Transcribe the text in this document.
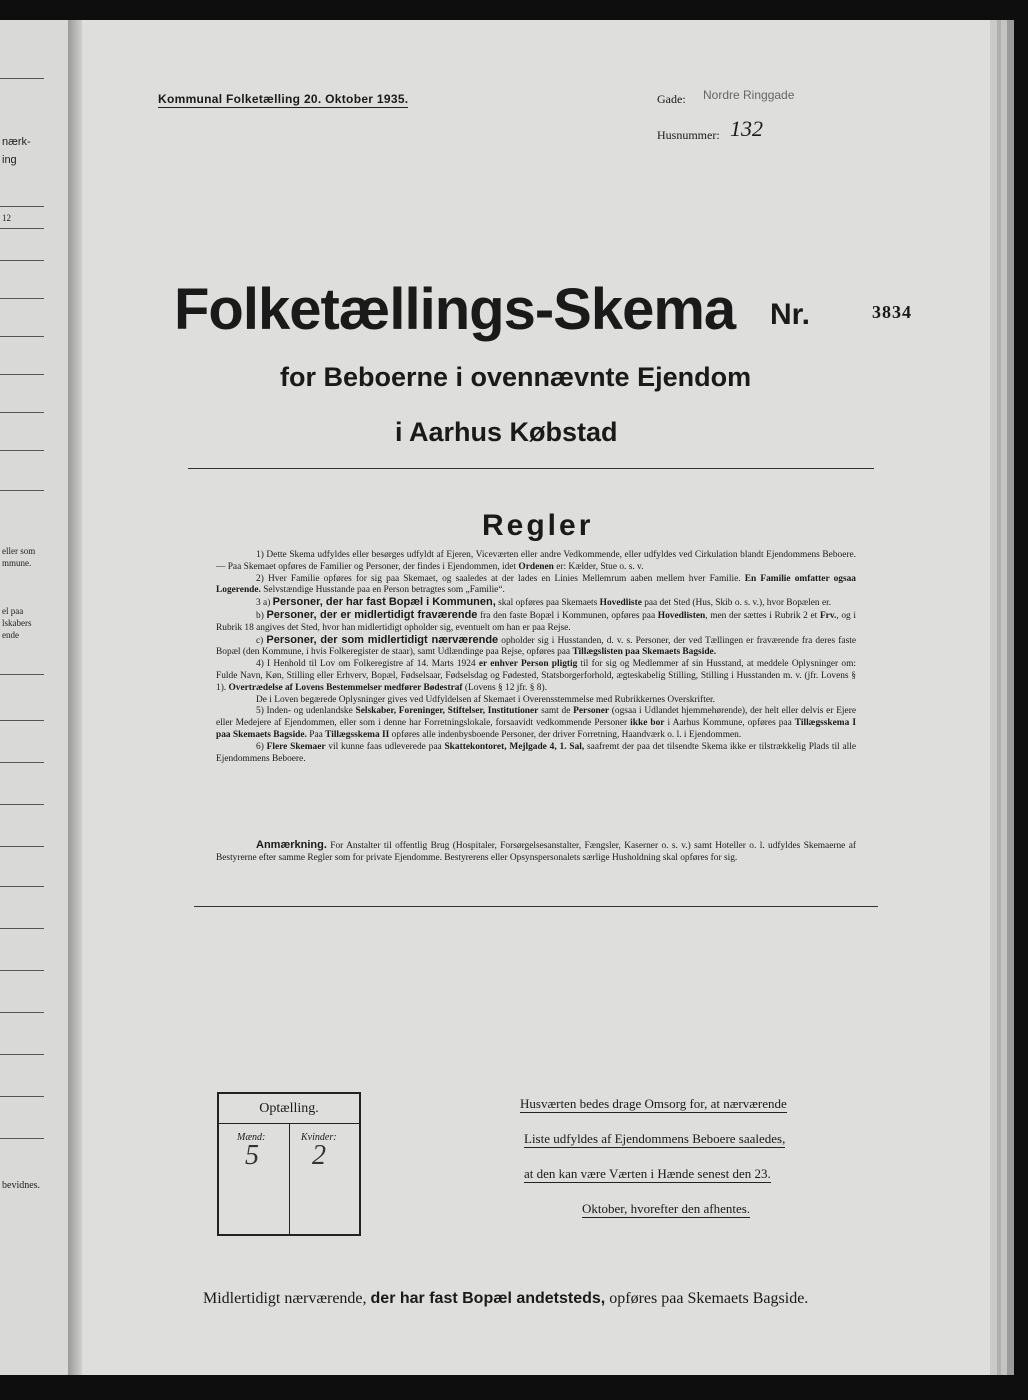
nærk-
ing
12
eller som
mmune.
el paa
lskabers
ende
bevidnes.
Kommunal Folketælling 20. Oktober 1935.	Gade: Nordre Ringgade
Husnummer: 132
Folketællings-Skema Nr.	3834
for Beboerne i ovennævnte Ejendom
i Aarhus Købstad
Regler

1) Dette Skema udfyldes eller besørges udfyldt af Ejeren, Viceværten eller andre Vedkommende, eller udfyldes ved Cirkulation blandt Ejendommens Beboere. — Paa Skemaet opføres de Familier og Personer, der findes i Ejendommen, idet Ordenen er: Kælder, Stue o. s. v.

2) Hver Familie opføres for sig paa Skemaet, og saaledes at der lades en Linies Mellemrum aaben mellem hver Familie. En Familie omfatter ogsaa Logerende. Selvstændige Husstande paa en Person betragtes som „Familie“.

3 a) Personer, der har fast Bopæl i Kommunen, skal opføres paa Skemaets Hovedliste paa det Sted (Hus, Skib o. s. v.), hvor Bopælen er.

b) Personer, der er midlertidigt fraværende fra den faste Bopæl i Kommunen, opføres paa Hovedlisten, men der sættes i Rubrik 2 et Frv., og i Rubrik 18 angives det Sted, hvor han midlertidigt opholder sig, eventuelt om han er paa Rejse.

c) Personer, der som midlertidigt nærværende opholder sig i Husstanden, d. v. s. Personer, der ved Tællingen er fraværende fra deres faste Bopæl (den Kommune, i hvis Folkeregister de staar), samt Udlændinge paa Rejse, opføres paa Tillægslisten paa Skemaets Bagside.

4) I Henhold til Lov om Folkeregistre af 14. Marts 1924 er enhver Person pligtig til for sig og Medlemmer af sin Husstand, at meddele Oplysninger om: Fulde Navn, Køn, Stilling eller Erhverv, Bopæl, Fødselsaar, Fødselsdag og Fødested, Statsborgerforhold, ægteskabelig Stilling, Stilling i Husstanden m. v. (jfr. Lovens § 1). Overtrædelse af Lovens Bestemmelser medfører Bødestraf (Lovens § 12 jfr. § 8).

De i Loven begærede Oplysninger gives ved Udfyldelsen af Skemaet i Overensstemmelse med Rubrikkernes Overskrifter.

5) Inden- og udenlandske Selskaber, Foreninger, Stiftelser, Institutioner samt de Personer (ogsaa i Udlandet hjemmehørende), der helt eller delvis er Ejere eller Medejere af Ejendommen, eller som i denne har Forretningslokale, forsaavidt vedkommende Personer ikke bor i Aarhus Kommune, opføres paa Tillægsskema I paa Skemaets Bagside. Paa Tillægsskema II opføres alle indenbysboende Personer, der driver Forretning, Haandværk o. l. i Ejendommen.

6) Flere Skemaer vil kunne faas udleverede paa Skattekontoret, Mejlgade 4, 1. Sal, saafremt der paa det tilsendte Skema ikke er tilstrækkelig Plads til alle Ejendommens Beboere.

Anmærkning. For Anstalter til offentlig Brug (Hospitaler, Forsørgelsesanstalter, Fængsler, Kaserner o. s. v.) samt Hoteller o. l. udfyldes Skemaerne af Bestyrerne efter samme Regler som for private Ejendomme. Bestyrerens eller Opsynspersonalets særlige Husholdning skal opføres for sig.

Optælling.
Mænd:	Kvinder:
5 2
Husværten bedes drage Omsorg for, at nærværende
Liste udfyldes af Ejendommens Beboere saaledes,
at den kan være Værten i Hænde senest den 23.
Oktober, hvorefter den afhentes.
Midlertidigt nærværende, der har fast Bopæl andetsteds, opføres paa Skemaets Bagside.
